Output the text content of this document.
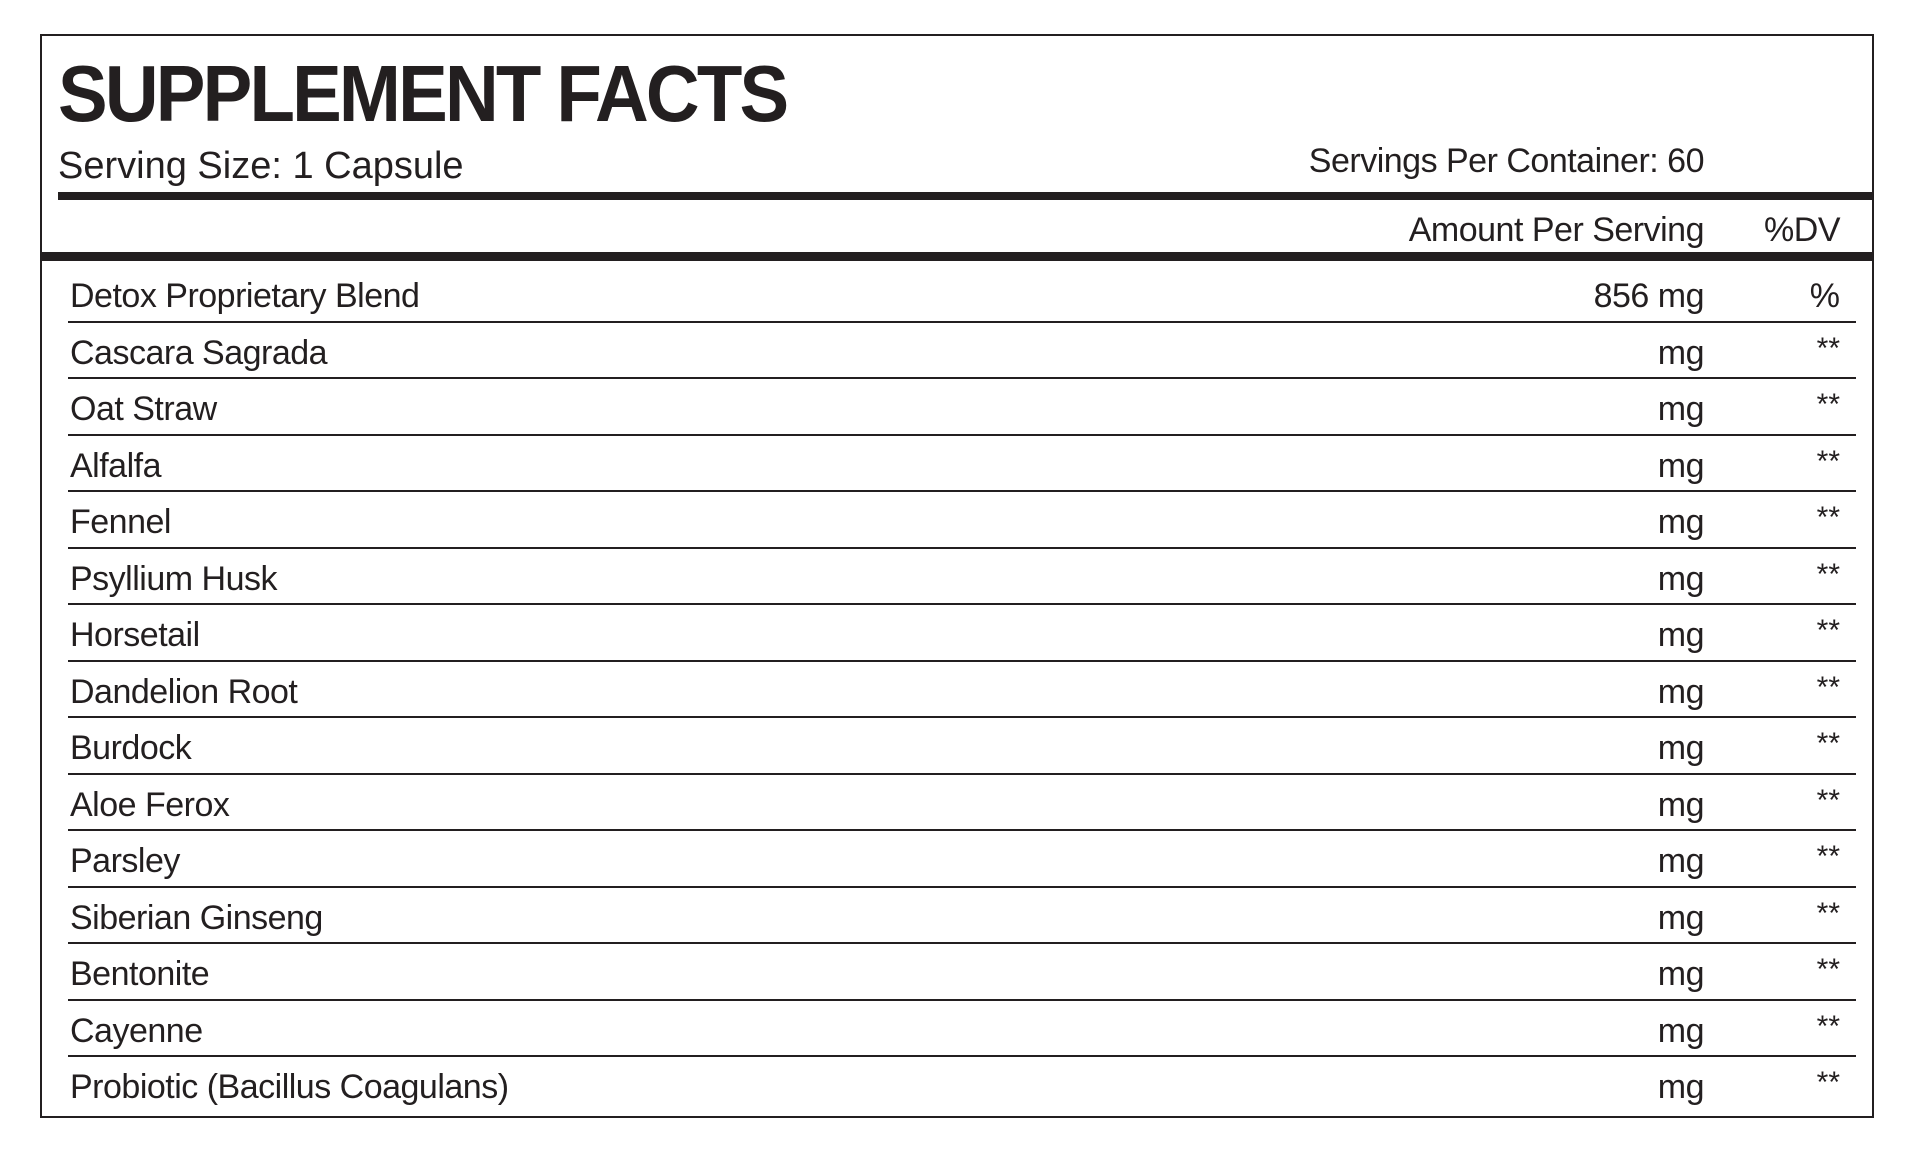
SUPPLEMENT FACTS
Serving Size: 1 Capsule	Servings Per Container: 60
Amount Per Serving %DV
Detox Proprietary Blend	856 mg	%
Cascara Sagrada	mg	**
Oat Straw	mg	**
Alfalfa	mg	**
Fennel	mg	**
Psyllium Husk	mg	**
Horsetail	mg	**
Dandelion Root	mg	**
Burdock	mg	**
Aloe Ferox	mg	**
Parsley	mg	**
Siberian Ginseng	mg	**
Bentonite	mg	**
Cayenne	mg	**
Probiotic (Bacillus Coagulans)	mg	**
